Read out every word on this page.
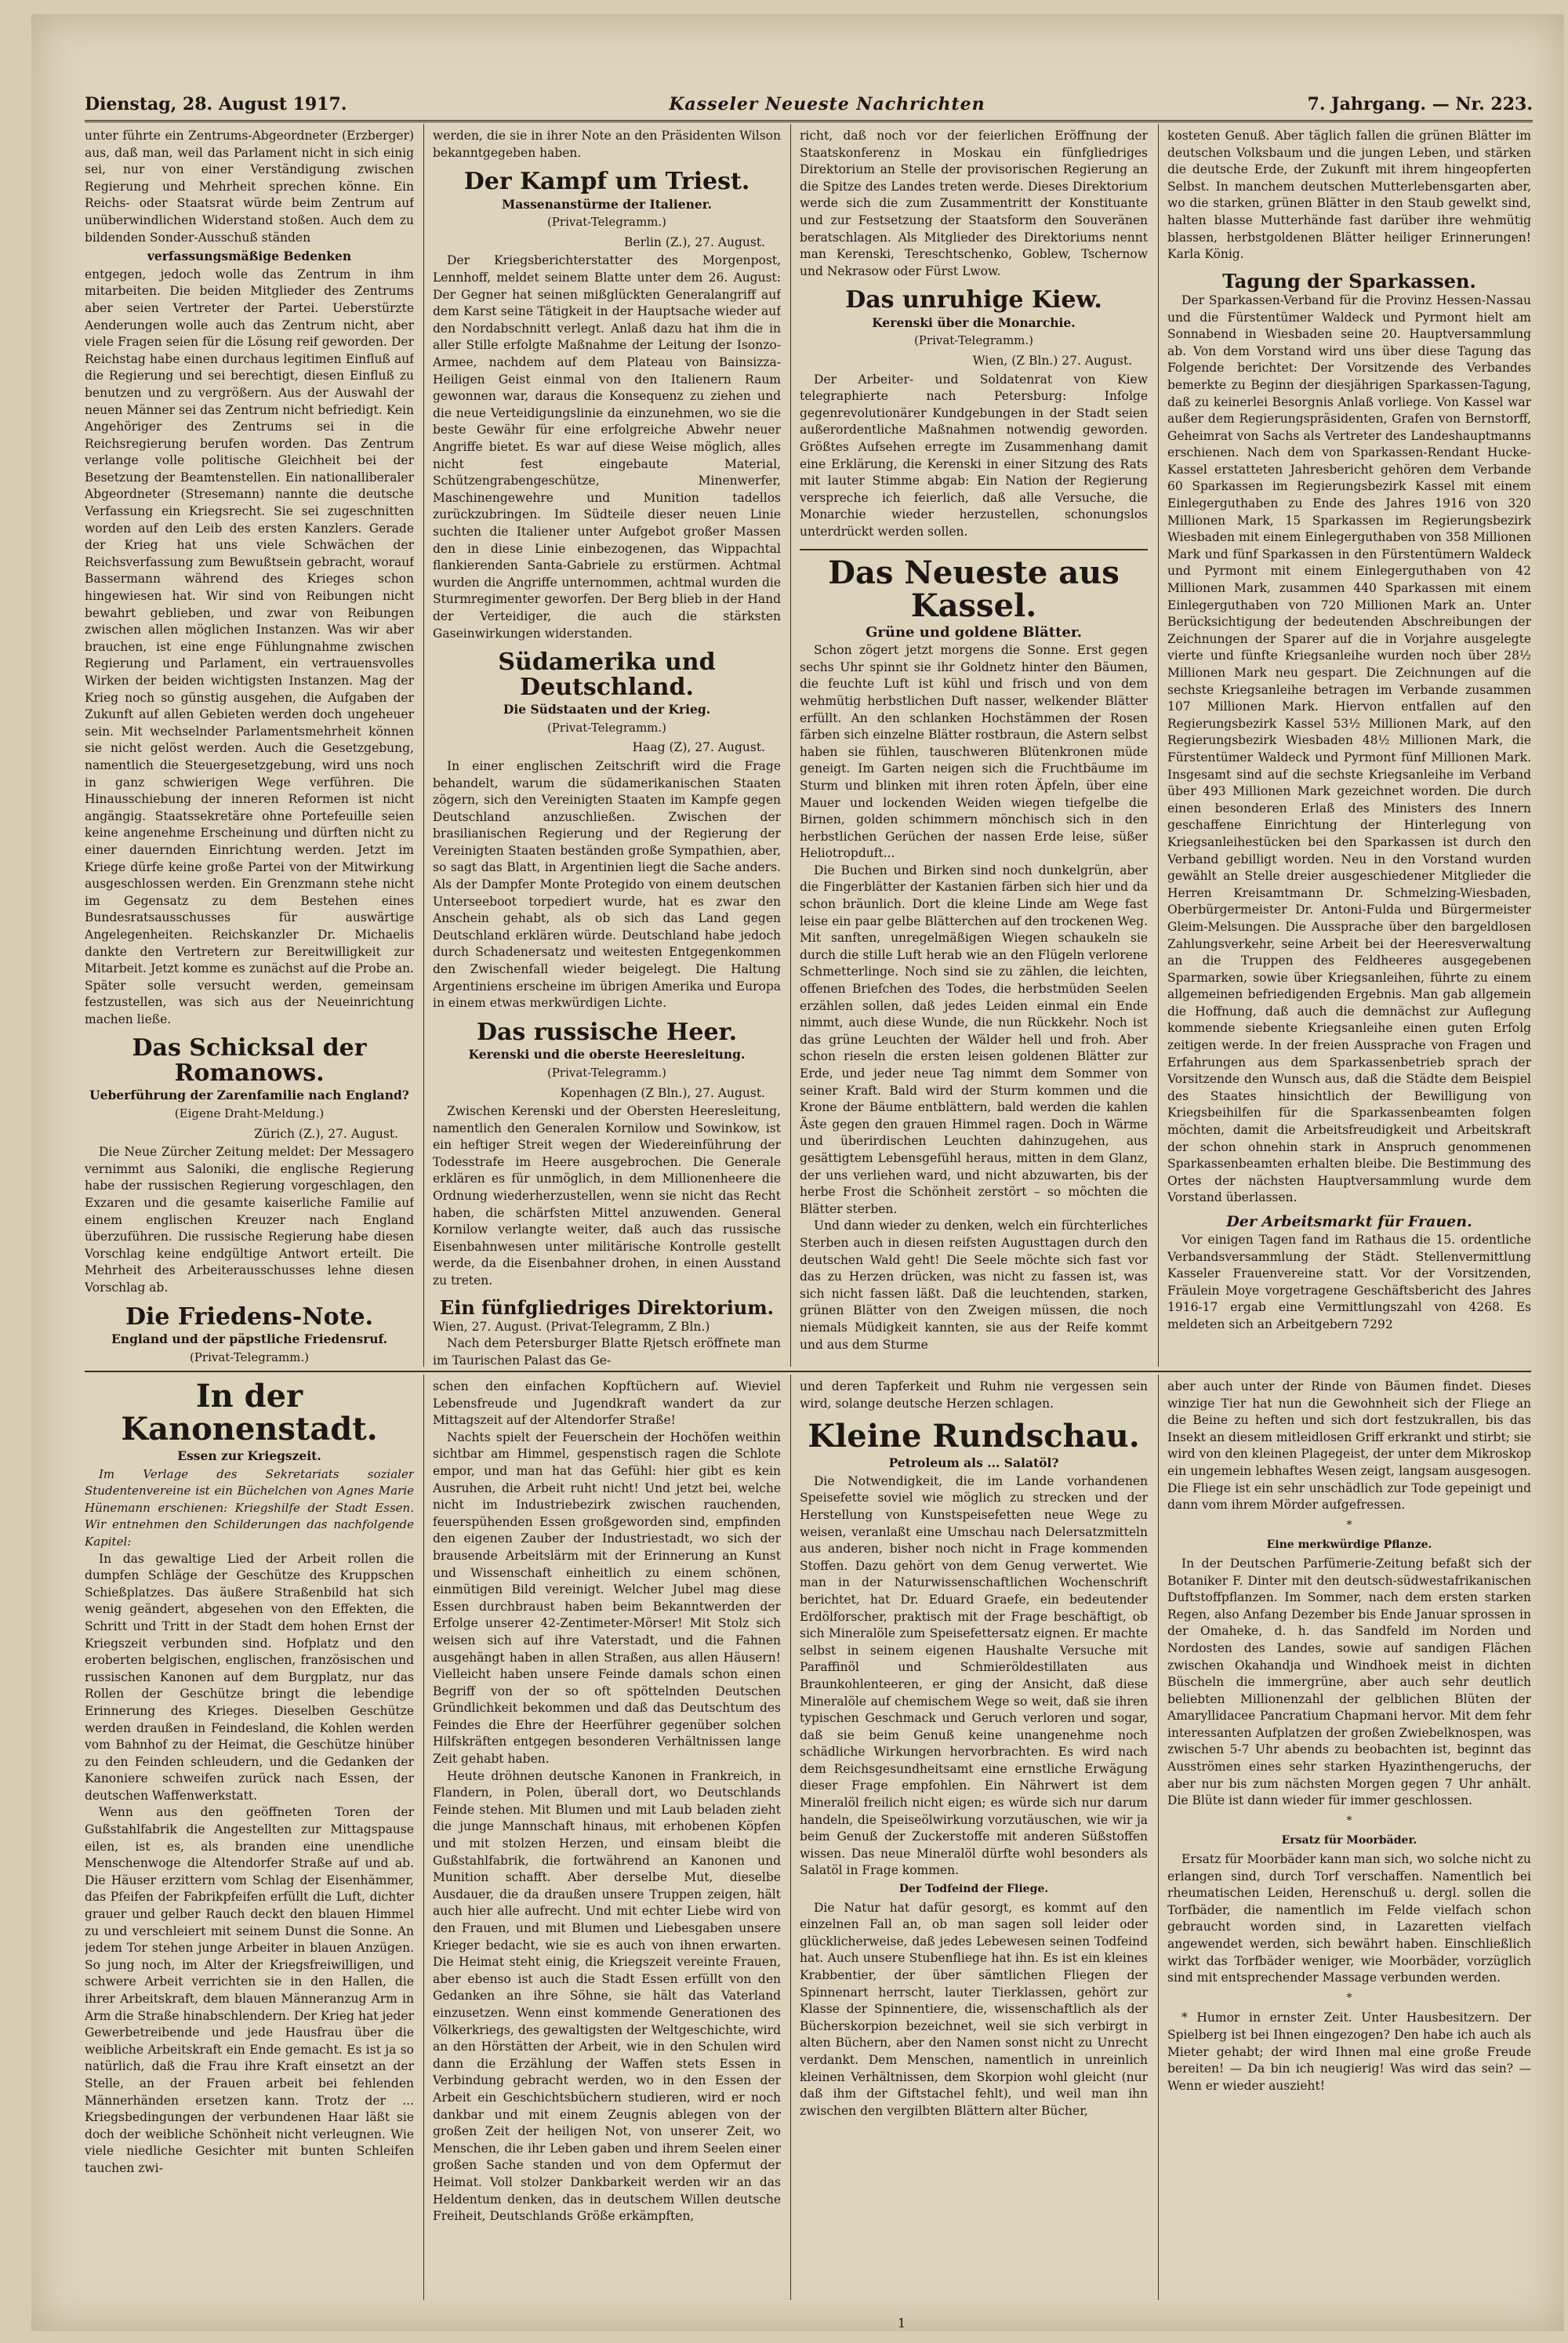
Dienstag, 28. August 1917.	Kasseler Neueste Nachrichten	7. Jahrgang. — Nr. 223.

unter führte ein Zentrums-Abgeordneter (Erzberger) aus, daß man, weil das Parlament nicht in sich einig sei, nur von einer Verständigung zwischen Regierung und Mehrheit sprechen könne. Ein Reichs- oder Staatsrat würde beim Zentrum auf unüberwindlichen Widerstand stoßen. Auch dem zu bildenden Sonder-Ausschuß ständen

verfassungsmäßige Bedenken

entgegen, jedoch wolle das Zentrum in ihm mitarbeiten. Die beiden Mitglieder des Zentrums aber seien Vertreter der Partei. Ueberstürzte Aenderungen wolle auch das Zentrum nicht, aber viele Fragen seien für die Lösung reif geworden. Der Reichstag habe einen durchaus legitimen Einfluß auf die Regierung und sei berechtigt, diesen Einfluß zu benutzen und zu vergrößern. Aus der Auswahl der neuen Männer sei das Zentrum nicht befriedigt. Kein Angehöriger des Zentrums sei in die Reichsregierung berufen worden. Das Zentrum verlange volle politische Gleichheit bei der Besetzung der Beamtenstellen. Ein nationalliberaler Abgeordneter (Stresemann) nannte die deutsche Verfassung ein Kriegsrecht. Sie sei zugeschnitten worden auf den Leib des ersten Kanzlers. Gerade der Krieg hat uns viele Schwächen der Reichsverfassung zum Bewußtsein gebracht, worauf Bassermann während des Krieges schon hingewiesen hat. Wir sind von Reibungen nicht bewahrt geblieben, und zwar von Reibungen zwischen allen möglichen Instanzen. Was wir aber brauchen, ist eine enge Fühlungnahme zwischen Regierung und Parlament, ein vertrauensvolles Wirken der beiden wichtigsten Instanzen. Mag der Krieg noch so günstig ausgehen, die Aufgaben der Zukunft auf allen Gebieten werden doch ungeheuer sein. Mit wechselnder Parlamentsmehrheit können sie nicht gelöst werden. Auch die Gesetzgebung, namentlich die Steuergesetzgebung, wird uns noch in ganz schwierigen Wege verführen. Die Hinausschiebung der inneren Reformen ist nicht angängig. Staatssekretäre ohne Portefeuille seien keine angenehme Erscheinung und dürften nicht zu einer dauernden Einrichtung werden. Jetzt im Kriege dürfe keine große Partei von der Mitwirkung ausgeschlossen werden. Ein Grenzmann stehe nicht im Gegensatz zu dem Bestehen eines Bundesratsausschusses für auswärtige Angelegenheiten. Reichskanzler Dr. Michaelis dankte den Vertretern zur Bereitwilligkeit zur Mitarbeit. Jetzt komme es zunächst auf die Probe an. Später solle versucht werden, gemeinsam festzustellen, was sich aus der Neueinrichtung machen ließe.

Das Schicksal der Romanows.
Ueberführung der Zarenfamilie nach England?
(Eigene Draht-Meldung.)
Zürich (Z.), 27. August.

Die Neue Zürcher Zeitung meldet: Der Messagero vernimmt aus Saloniki, die englische Regierung habe der russischen Regierung vorgeschlagen, den Exzaren und die gesamte kaiserliche Familie auf einem englischen Kreuzer nach England überzuführen. Die russische Regierung habe diesen Vorschlag keine endgültige Antwort erteilt. Die Mehrheit des Arbeiterausschusses lehne diesen Vorschlag ab.

Die Friedens-Note.
England und der päpstliche Friedensruf.
(Privat-Telegramm.)

werden, die sie in ihrer Note an den Präsidenten Wilson bekanntgegeben haben.

Der Kampf um Triest.
Massenanstürme der Italiener.
(Privat-Telegramm.)
Berlin (Z.), 27. August.

Der Kriegsberichterstatter des Morgenpost, Lennhoff, meldet seinem Blatte unter dem 26. August: Der Gegner hat seinen mißglückten Generalangriff auf dem Karst seine Tätigkeit in der Hauptsache wieder auf den Nordabschnitt verlegt. Anlaß dazu hat ihm die in aller Stille erfolgte Maßnahme der Leitung der Isonzo-Armee, nachdem auf dem Plateau von Bainsizza-Heiligen Geist einmal von den Italienern Raum gewonnen war, daraus die Konsequenz zu ziehen und die neue Verteidigungslinie da einzunehmen, wo sie die beste Gewähr für eine erfolgreiche Abwehr neuer Angriffe bietet. Es war auf diese Weise möglich, alles nicht fest eingebaute Material, Schützengrabengeschütze, Minenwerfer, Maschinengewehre und Munition tadellos zurückzubringen. Im Südteile dieser neuen Linie suchten die Italiener unter Aufgebot großer Massen den in diese Linie einbezogenen, das Wippachtal flankierenden Santa-Gabriele zu erstürmen. Achtmal wurden die Angriffe unternommen, achtmal wurden die Sturmregimenter geworfen. Der Berg blieb in der Hand der Verteidiger, die auch die stärksten Gaseinwirkungen widerstanden.

Südamerika und Deutschland.
Die Südstaaten und der Krieg.
(Privat-Telegramm.)
Haag (Z), 27. August.

In einer englischen Zeitschrift wird die Frage behandelt, warum die südamerikanischen Staaten zögern, sich den Vereinigten Staaten im Kampfe gegen Deutschland anzuschließen. Zwischen der brasilianischen Regierung und der Regierung der Vereinigten Staaten beständen große Sympathien, aber, so sagt das Blatt, in Argentinien liegt die Sache anders. Als der Dampfer Monte Protegido von einem deutschen Unterseeboot torpediert wurde, hat es zwar den Anschein gehabt, als ob sich das Land gegen Deutschland erklären würde. Deutschland habe jedoch durch Schadenersatz und weitesten Entgegenkommen den Zwischenfall wieder beigelegt. Die Haltung Argentiniens erscheine im übrigen Amerika und Europa in einem etwas merkwürdigen Lichte.

Das russische Heer.
Kerenski und die oberste Heeresleitung.
(Privat-Telegramm.)
Kopenhagen (Z Bln.), 27. August.

Zwischen Kerenski und der Obersten Heeresleitung, namentlich den Generalen Kornilow und Sowinkow, ist ein heftiger Streit wegen der Wiedereinführung der Todesstrafe im Heere ausgebrochen. Die Generale erklären es für unmöglich, in dem Millionenheere die Ordnung wiederherzustellen, wenn sie nicht das Recht haben, die schärfsten Mittel anzuwenden. General Kornilow verlangte weiter, daß auch das russische Eisenbahnwesen unter militärische Kontrolle gestellt werde, da die Eisenbahner drohen, in einen Ausstand zu treten.

Ein fünfgliedriges Direktorium.

Wien, 27. August. (Privat-Telegramm, Z Bln.)

Nach dem Petersburger Blatte Rjetsch eröffnete man im Taurischen Palast das Ge-

richt, daß noch vor der feierlichen Eröffnung der Staatskonferenz in Moskau ein fünfgliedriges Direktorium an Stelle der provisorischen Regierung an die Spitze des Landes treten werde. Dieses Direktorium werde sich die zum Zusammentritt der Konstituante und zur Festsetzung der Staatsform den Souveränen beratschlagen. Als Mitglieder des Direktoriums nennt man Kerenski, Tereschtschenko, Goblew, Tschernow und Nekrasow oder Fürst Lwow.

Das unruhige Kiew.
Kerenski über die Monarchie.
(Privat-Telegramm.)
Wien, (Z Bln.) 27. August.

Der Arbeiter- und Soldatenrat von Kiew telegraphierte nach Petersburg: Infolge gegenrevolutionärer Kundgebungen in der Stadt seien außerordentliche Maßnahmen notwendig geworden. Größtes Aufsehen erregte im Zusammenhang damit eine Erklärung, die Kerenski in einer Sitzung des Rats mit lauter Stimme abgab: Ein Nation der Regierung verspreche ich feierlich, daß alle Versuche, die Monarchie wieder herzustellen, schonungslos unterdrückt werden sollen.

Das Neueste aus Kassel.
Grüne und goldene Blätter.

Schon zögert jetzt morgens die Sonne. Erst gegen sechs Uhr spinnt sie ihr Goldnetz hinter den Bäumen, die feuchte Luft ist kühl und frisch und von dem wehmütig herbstlichen Duft nasser, welkender Blätter erfüllt. An den schlanken Hochstämmen der Rosen färben sich einzelne Blätter rostbraun, die Astern selbst haben sie fühlen, tauschweren Blütenkronen müde geneigt. Im Garten neigen sich die Fruchtbäume im Sturm und blinken mit ihren roten Äpfeln, über eine Mauer und lockenden Weiden wiegen tiefgelbe die Birnen, golden schimmern mönchisch sich in den herbstlichen Gerüchen der nassen Erde leise, süßer Heliotropduft...

Die Buchen und Birken sind noch dunkelgrün, aber die Fingerblätter der Kastanien färben sich hier und da schon bräunlich. Dort die kleine Linde am Wege fast leise ein paar gelbe Blätterchen auf den trockenen Weg. Mit sanften, unregelmäßigen Wiegen schaukeln sie durch die stille Luft herab wie an den Flügeln verlorene Schmetterlinge. Noch sind sie zu zählen, die leichten, offenen Briefchen des Todes, die herbstmüden Seelen erzählen sollen, daß jedes Leiden einmal ein Ende nimmt, auch diese Wunde, die nun Rückkehr. Noch ist das grüne Leuchten der Wälder hell und froh. Aber schon rieseln die ersten leisen goldenen Blätter zur Erde, und jeder neue Tag nimmt dem Sommer von seiner Kraft. Bald wird der Sturm kommen und die Krone der Bäume entblättern, bald werden die kahlen Äste gegen den grauen Himmel ragen. Doch in Wärme und überirdischen Leuchten dahinzugehen, aus gesättigtem Lebensgefühl heraus, mitten in dem Glanz, der uns verliehen ward, und nicht abzuwarten, bis der herbe Frost die Schönheit zerstört – so möchten die Blätter sterben.

Und dann wieder zu denken, welch ein fürchterliches Sterben auch in diesen reifsten Augusttagen durch den deutschen Wald geht! Die Seele möchte sich fast vor das zu Herzen drücken, was nicht zu fassen ist, was sich nicht fassen läßt. Daß die leuchtenden, starken, grünen Blätter von den Zweigen müssen, die noch niemals Müdigkeit kannten, sie aus der Reife kommt und aus dem Sturme

kosteten Genuß. Aber täglich fallen die grünen Blätter im deutschen Volksbaum und die jungen Leben, und stärken die deutsche Erde, der Zukunft mit ihrem hingeopferten Selbst. In manchem deutschen Mutterlebensgarten aber, wo die starken, grünen Blätter in den Staub gewelkt sind, halten blasse Mutterhände fast darüber ihre wehmütig blassen, herbstgoldenen Blätter heiliger Erinnerungen! Karla König.

Tagung der Sparkassen.

Der Sparkassen-Verband für die Provinz Hessen-Nassau und die Fürstentümer Waldeck und Pyrmont hielt am Sonnabend in Wiesbaden seine 20. Hauptversammlung ab. Von dem Vorstand wird uns über diese Tagung das Folgende berichtet: Der Vorsitzende des Verbandes bemerkte zu Beginn der diesjährigen Sparkassen-Tagung, daß zu keinerlei Besorgnis Anlaß vorliege. Von Kassel war außer dem Regierungspräsidenten, Grafen von Bernstorff, Geheimrat von Sachs als Vertreter des Landeshauptmanns erschienen. Nach dem von Sparkassen-Rendant Hucke-Kassel erstatteten Jahresbericht gehören dem Verbande 60 Sparkassen im Regierungsbezirk Kassel mit einem Einlegerguthaben zu Ende des Jahres 1916 von 320 Millionen Mark, 15 Sparkassen im Regierungsbezirk Wiesbaden mit einem Einlegerguthaben von 358 Millionen Mark und fünf Sparkassen in den Fürstentümern Waldeck und Pyrmont mit einem Einlegerguthaben von 42 Millionen Mark, zusammen 440 Sparkassen mit einem Einlegerguthaben von 720 Millionen Mark an. Unter Berücksichtigung der bedeutenden Abschreibungen der Zeichnungen der Sparer auf die in Vorjahre ausgelegte vierte und fünfte Kriegsanleihe wurden noch über 28½ Millionen Mark neu gespart. Die Zeichnungen auf die sechste Kriegsanleihe betragen im Verbande zusammen 107 Millionen Mark. Hiervon entfallen auf den Regierungsbezirk Kassel 53½ Millionen Mark, auf den Regierungsbezirk Wiesbaden 48½ Millionen Mark, die Fürstentümer Waldeck und Pyrmont fünf Millionen Mark. Insgesamt sind auf die sechste Kriegsanleihe im Verband über 493 Millionen Mark gezeichnet worden. Die durch einen besonderen Erlaß des Ministers des Innern geschaffene Einrichtung der Hinterlegung von Kriegsanleihestücken bei den Sparkassen ist durch den Verband gebilligt worden. Neu in den Vorstand wurden gewählt an Stelle dreier ausgeschiedener Mitglieder die Herren Kreisamtmann Dr. Schmelzing-Wiesbaden, Oberbürgermeister Dr. Antoni-Fulda und Bürgermeister Gleim-Melsungen. Die Aussprache über den bargeldlosen Zahlungsverkehr, seine Arbeit bei der Heeresverwaltung an die Truppen des Feldheeres ausgegebenen Sparmarken, sowie über Kriegsanleihen, führte zu einem allgemeinen befriedigenden Ergebnis. Man gab allgemein die Hoffnung, daß auch die demnächst zur Auflegung kommende siebente Kriegsanleihe einen guten Erfolg zeitigen werde. In der freien Aussprache von Fragen und Erfahrungen aus dem Sparkassenbetrieb sprach der Vorsitzende den Wunsch aus, daß die Städte dem Beispiel des Staates hinsichtlich der Bewilligung von Kriegsbeihilfen für die Sparkassenbeamten folgen möchten, damit die Arbeitsfreudigkeit und Arbeitskraft der schon ohnehin stark in Anspruch genommenen Sparkassenbeamten erhalten bleibe. Die Bestimmung des Ortes der nächsten Hauptversammlung wurde dem Vorstand überlassen.

Der Arbeitsmarkt für Frauen.

Vor einigen Tagen fand im Rathaus die 15. ordentliche Verbandsversammlung der Städt. Stellenvermittlung Kasseler Frauenvereine statt. Vor der Vorsitzenden, Fräulein Moye vorgetragene Geschäftsbericht des Jahres 1916-17 ergab eine Vermittlungszahl von 4268. Es meldeten sich an Arbeitgebern 7292

In der Kanonenstadt.
Essen zur Kriegszeit.

Im Verlage des Sekretariats sozialer Studentenvereine ist ein Büchelchen von Agnes Marie Hünemann erschienen: Kriegshilfe der Stadt Essen. Wir entnehmen den Schilderungen das nachfolgende Kapitel:

In das gewaltige Lied der Arbeit rollen die dumpfen Schläge der Geschütze des Kruppschen Schießplatzes. Das äußere Straßenbild hat sich wenig geändert, abgesehen von den Effekten, die Schritt und Tritt in der Stadt dem hohen Ernst der Kriegszeit verbunden sind. Hofplatz und den eroberten belgischen, englischen, französischen und russischen Kanonen auf dem Burgplatz, nur das Rollen der Geschütze bringt die lebendige Erinnerung des Krieges. Dieselben Geschütze werden draußen in Feindesland, die Kohlen werden vom Bahnhof zu der Heimat, die Geschütze hinüber zu den Feinden schleudern, und die Gedanken der Kanoniere schweifen zurück nach Essen, der deutschen Waffenwerkstatt.

Wenn aus den geöffneten Toren der Gußstahlfabrik die Angestellten zur Mittagspause eilen, ist es, als branden eine unendliche Menschenwoge die Altendorfer Straße auf und ab. Die Häuser erzittern vom Schlag der Eisenhämmer, das Pfeifen der Fabrikpfeifen erfüllt die Luft, dichter grauer und gelber Rauch deckt den blauen Himmel zu und verschleiert mit seinem Dunst die Sonne. An jedem Tor stehen junge Arbeiter in blauen Anzügen. So jung noch, im Alter der Kriegsfreiwilligen, und schwere Arbeit verrichten sie in den Hallen, die ihrer Arbeitskraft, dem blauen Männeranzug Arm in Arm die Straße hinabschlendern. Der Krieg hat jeder Gewerbetreibende und jede Hausfrau über die weibliche Arbeitskraft ein Ende gemacht. Es ist ja so natürlich, daß die Frau ihre Kraft einsetzt an der Stelle, an der Frauen arbeit bei fehlenden Männerhänden ersetzen kann. Trotz der ... Kriegsbedingungen der verbundenen Haar läßt sie doch der weibliche Schönheit nicht verleugnen. Wie viele niedliche Gesichter mit bunten Schleifen tauchen zwi-

schen den einfachen Kopftüchern auf. Wieviel Lebensfreude und Jugendkraft wandert da zur Mittagszeit auf der Altendorfer Straße!

Nachts spielt der Feuerschein der Hochöfen weithin sichtbar am Himmel, gespenstisch ragen die Schlote empor, und man hat das Gefühl: hier gibt es kein Ausruhen, die Arbeit ruht nicht! Und jetzt bei, welche nicht im Industriebezirk zwischen rauchenden, feuerspühenden Essen großgeworden sind, empfinden den eigenen Zauber der Industriestadt, wo sich der brausende Arbeitslärm mit der Erinnerung an Kunst und Wissenschaft einheitlich zu einem schönen, einmütigen Bild vereinigt. Welcher Jubel mag diese Essen durchbraust haben beim Bekanntwerden der Erfolge unserer 42-Zentimeter-Mörser! Mit Stolz sich weisen sich auf ihre Vaterstadt, und die Fahnen ausgehängt haben in allen Straßen, aus allen Häusern! Vielleicht haben unsere Feinde damals schon einen Begriff von der so oft spöttelnden Deutschen Gründlichkeit bekommen und daß das Deutschtum des Feindes die Ehre der Heerführer gegenüber solchen Hilfskräften entgegen besonderen Verhältnissen lange Zeit gehabt haben.

Heute dröhnen deutsche Kanonen in Frankreich, in Flandern, in Polen, überall dort, wo Deutschlands Feinde stehen. Mit Blumen und mit Laub beladen zieht die junge Mannschaft hinaus, mit erhobenen Köpfen und mit stolzen Herzen, und einsam bleibt die Gußstahlfabrik, die fortwährend an Kanonen und Munition schafft. Aber derselbe Mut, dieselbe Ausdauer, die da draußen unsere Truppen zeigen, hält auch hier alle aufrecht. Und mit echter Liebe wird von den Frauen, und mit Blumen und Liebesgaben unsere Krieger bedacht, wie sie es auch von ihnen erwarten. Die Heimat steht einig, die Kriegszeit vereinte Frauen, aber ebenso ist auch die Stadt Essen erfüllt von den Gedanken an ihre Söhne, sie hält das Vaterland einzusetzen. Wenn einst kommende Generationen des Völkerkriegs, des gewaltigsten der Weltgeschichte, wird an den Hörstätten der Arbeit, wie in den Schulen wird dann die Erzählung der Waffen stets Essen in Verbindung gebracht werden, wo in den Essen der Arbeit ein Geschichtsbüchern studieren, wird er noch dankbar und mit einem Zeugnis ablegen von der großen Zeit der heiligen Not, von unserer Zeit, wo Menschen, die ihr Leben gaben und ihrem Seelen einer großen Sache standen und von dem Opfermut der Heimat. Voll stolzer Dankbarkeit werden wir an das Heldentum denken, das in deutschem Willen deutsche Freiheit, Deutschlands Größe erkämpften,

und deren Tapferkeit und Ruhm nie vergessen sein wird, solange deutsche Herzen schlagen.

Kleine Rundschau.
Petroleum als ... Salatöl?

Die Notwendigkeit, die im Lande vorhandenen Speisefette soviel wie möglich zu strecken und der Herstellung von Kunstspeisefetten neue Wege zu weisen, veranlaßt eine Umschau nach Delersatzmitteln aus anderen, bisher noch nicht in Frage kommenden Stoffen. Dazu gehört von dem Genug verwertet. Wie man in der Naturwissenschaftlichen Wochenschrift berichtet, hat Dr. Eduard Graefe, ein bedeutender Erdölforscher, praktisch mit der Frage beschäftigt, ob sich Mineralöle zum Speisefettersatz eignen. Er machte selbst in seinem eigenen Haushalte Versuche mit Paraffinöl und Schmieröldestillaten aus Braunkohlenteeren, er ging der Ansicht, daß diese Mineralöle auf chemischem Wege so weit, daß sie ihren typischen Geschmack und Geruch verloren und sogar, daß sie beim Genuß keine unangenehme noch schädliche Wirkungen hervorbrachten. Es wird nach dem Reichsgesundheitsamt eine ernstliche Erwägung dieser Frage empfohlen. Ein Nährwert ist dem Mineralöl freilich nicht eigen; es würde sich nur darum handeln, die Speiseölwirkung vorzutäuschen, wie wir ja beim Genuß der Zuckerstoffe mit anderen Süßstoffen wissen. Das neue Mineralöl dürfte wohl besonders als Salatöl in Frage kommen.

Der Todfeind der Fliege.

Die Natur hat dafür gesorgt, es kommt auf den einzelnen Fall an, ob man sagen soll leider oder glücklicherweise, daß jedes Lebewesen seinen Todfeind hat. Auch unsere Stubenfliege hat ihn. Es ist ein kleines Krabbentier, der über sämtlichen Fliegen der Spinnenart herrscht, lauter Tierklassen, gehört zur Klasse der Spinnentiere, die, wissenschaftlich als der Bücherskorpion bezeichnet, weil sie sich verbirgt in alten Büchern, aber den Namen sonst nicht zu Unrecht verdankt. Dem Menschen, namentlich in unreinlich kleinen Verhältnissen, dem Skorpion wohl gleicht (nur daß ihm der Giftstachel fehlt), und weil man ihn zwischen den vergilbten Blättern alter Bücher,

aber auch unter der Rinde von Bäumen findet. Dieses winzige Tier hat nun die Gewohnheit sich der Fliege an die Beine zu heften und sich dort festzukrallen, bis das Insekt an diesem mitleidlosen Griff erkrankt und stirbt; sie wird von den kleinen Plagegeist, der unter dem Mikroskop ein ungemein lebhaftes Wesen zeigt, langsam ausgesogen. Die Fliege ist ein sehr unschädlich zur Tode gepeinigt und dann vom ihrem Mörder aufgefressen.

*
Eine merkwürdige Pflanze.

In der Deutschen Parfümerie-Zeitung befaßt sich der Botaniker F. Dinter mit den deutsch-südwestafrikanischen Duftstoffpflanzen. Im Sommer, nach dem ersten starken Regen, also Anfang Dezember bis Ende Januar sprossen in der Omaheke, d. h. das Sandfeld im Norden und Nordosten des Landes, sowie auf sandigen Flächen zwischen Okahandja und Windhoek meist in dichten Büscheln die immergrüne, aber auch sehr deutlich beliebten Millionenzahl der gelblichen Blüten der Amaryllidacee Pancratium Chapmani hervor. Mit dem fehr interessanten Aufplatzen der großen Zwiebelknospen, was zwischen 5-7 Uhr abends zu beobachten ist, beginnt das Ausströmen eines sehr starken Hyazinthengeruchs, der aber nur bis zum nächsten Morgen gegen 7 Uhr anhält. Die Blüte ist dann wieder für immer geschlossen.

*
Ersatz für Moorbäder.

Ersatz für Moorbäder kann man sich, wo solche nicht zu erlangen sind, durch Torf verschaffen. Namentlich bei rheumatischen Leiden, Herenschuß u. dergl. sollen die Torfbäder, die namentlich im Felde vielfach schon gebraucht worden sind, in Lazaretten vielfach angewendet werden, sich bewährt haben. Einschließlich wirkt das Torfbäder weniger, wie Moorbäder, vorzüglich sind mit entsprechender Massage verbunden werden.

*

* Humor in ernster Zeit. Unter Hausbesitzern. Der Spielberg ist bei Ihnen eingezogen? Den habe ich auch als Mieter gehabt; der wird Ihnen mal eine große Freude bereiten! — Da bin ich neugierig! Was wird das sein? — Wenn er wieder auszieht!

1
